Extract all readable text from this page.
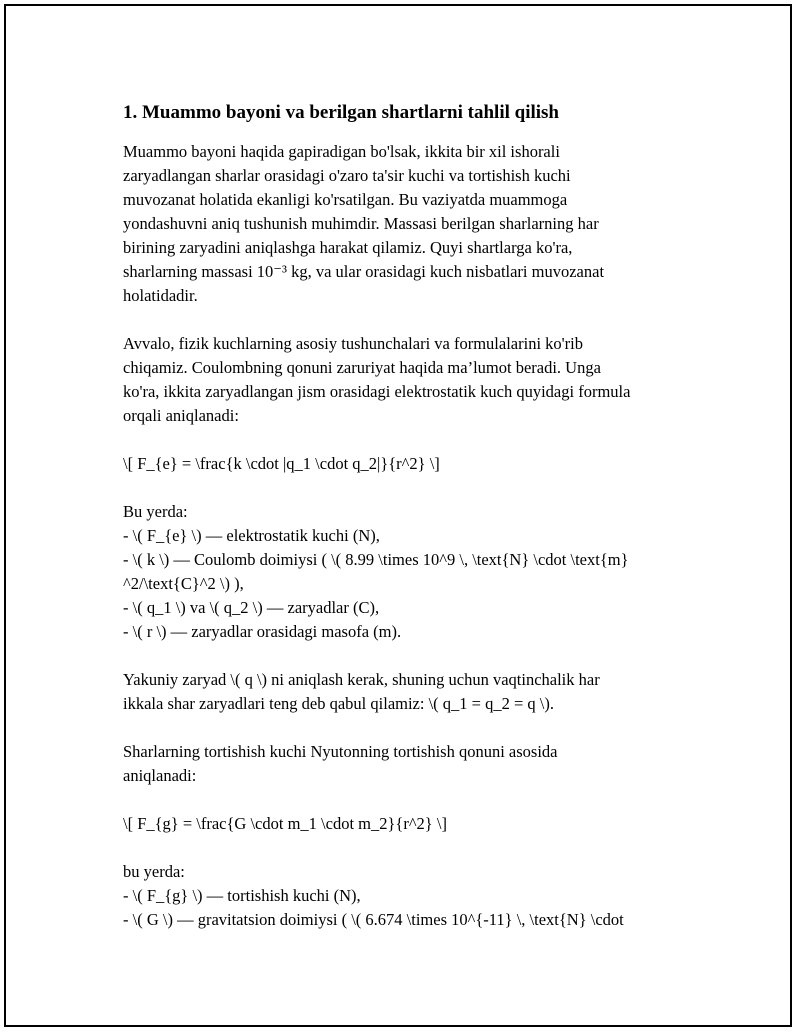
1. Muammo bayoni va berilgan shartlarni tahlil qilish
Muammo bayoni haqida gapiradigan bo'lsak, ikkita bir xil ishorali
zaryadlangan sharlar orasidagi o'zaro ta'sir kuchi va tortishish kuchi
muvozanat holatida ekanligi ko'rsatilgan. Bu vaziyatda muammoga
yondashuvni aniq tushunish muhimdir. Massasi berilgan sharlarning har
birining zaryadini aniqlashga harakat qilamiz. Quyi shartlarga ko'ra,
sharlarning massasi 10⁻³ kg, va ular orasidagi kuch nisbatlari muvozanat
holatidadir.
Avvalo, fizik kuchlarning asosiy tushunchalari va formulalarini ko'rib
chiqamiz. Coulombning qonuni zaruriyat haqida ma’lumot beradi. Unga
ko'ra, ikkita zaryadlangan jism orasidagi elektrostatik kuch quyidagi formula
orqali aniqlanadi:
\[ F_{e} = \frac{k \cdot |q_1 \cdot q_2|}{r^2} \]
Bu yerda:
- \( F_{e} \) — elektrostatik kuchi (N),
- \( k \) — Coulomb doimiysi ( \( 8.99 \times 10^9 \, \text{N} \cdot \text{m}
^2/\text{C}^2 \) ),
- \( q_1 \) va \( q_2 \) — zaryadlar (C),
- \( r \) — zaryadlar orasidagi masofa (m).
Yakuniy zaryad \( q \) ni aniqlash kerak, shuning uchun vaqtinchalik har
ikkala shar zaryadlari teng deb qabul qilamiz: \( q_1 = q_2 = q \).
Sharlarning tortishish kuchi Nyutonning tortishish qonuni asosida
aniqlanadi:
\[ F_{g} = \frac{G \cdot m_1 \cdot m_2}{r^2} \]
bu yerda:
- \( F_{g} \) — tortishish kuchi (N),
- \( G \) — gravitatsion doimiysi ( \( 6.674 \times 10^{-11} \, \text{N} \cdot
